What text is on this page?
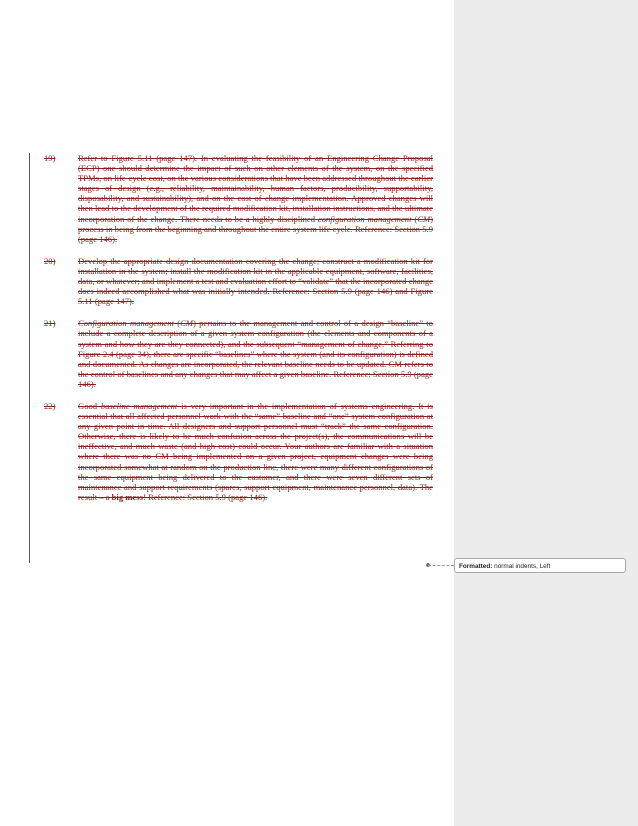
19)	Refer to Figure 5.11 (page 147). In evaluating the feasibility of an Engineering Change Proposal (ECP) one should determine the impact of such on other elements of the system, on the specified TPMs, on life-cycle cost, on the various considerations that have been addressed throughout the earlier stages of design (e.g., reliability, maintainability, human factors, producibility, supportability, disposability, and sustainability), and on the cost of change implementation. Approved changes will then lead to the development of the required modification kit, installation instructions, and the ultimate incorporation of the change. There needs to be a highly-disciplined configuration management (CM) process in being from the beginning and throughout the entire system life cycle. Reference: Section 5.9 (page 146).
20)	Develop the appropriate design documentation covering the change; construct a modification kit for installation in the system; install the modification kit in the applicable equipment, software, facilities, data, or whatever; and implement a test and evaluation effort to “validate” that the incorporated change does indeed accomplished what was initially intended. Reference: Section 5.9 (page 146) and Figure 5.11 (page 147).
21)	Configuration management (CM) pertains to the management and control of a design “baseline” to include a complete description of a given system configuration (the elements and components of a system and how they are they connected), and the subsequent “management of change.” Referring to Figure 2.4 (page 34), there are specific “baselines” where the system (and its configuration) is defined and documented. As changes are incorporated, the relevant baseline needs to be updated. CM refers to the control of baselines and any changes that may affect a given baseline. Reference: Section 5.9 (page 146).
22)	Good baseline management is very important in the implementation of systems engineering. It is essential that all affected personnel work with the “same” baseline and “one” system configuration at any given point in time. All designers and support personnel must “track” the same configuration. Otherwise, there is likely to be much confusion across the project(s), the communications will be ineffective, and much waste (and high cost) could occur. Your authors are familiar with a situation where there was no CM being implemented on a given project, equipment changes were being incorporated somewhat at random on the production line, there were many different configurations of the same equipment being delivered to the customer, and there were seven different sets of maintenance and support requirements (spares, support equipment, maintenance personnel, data). The result – a big mess! Reference: Section 5.9 (page 146).
Formatted: normal indents, Left
